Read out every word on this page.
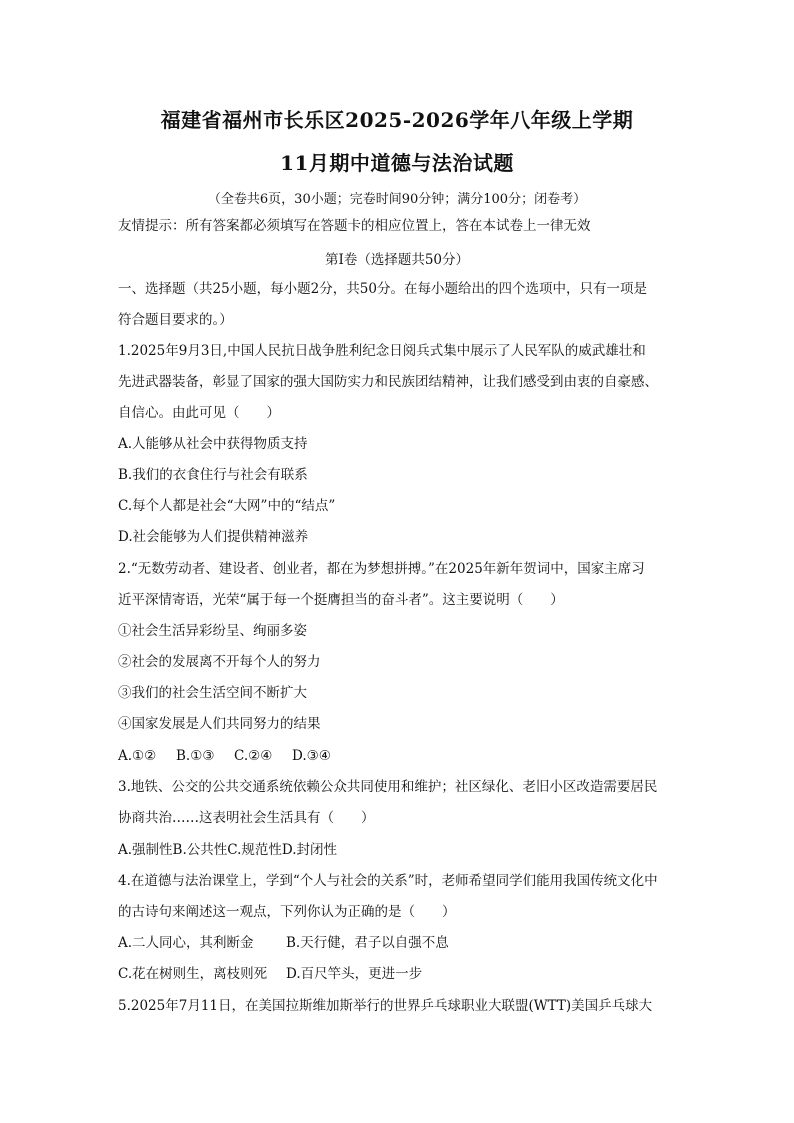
福建省福州市长乐区2025-2026学年八年级上学期
11月期中道德与法治试题
（全卷共6页，30小题；完卷时间90分钟；满分100分；闭卷考）
友情提示：所有答案都必须填写在答题卡的相应位置上，答在本试卷上一律无效
第Ⅰ卷（选择题共50分）
一、选择题（共25小题，每小题2分，共50分。在每小题给出的四个选项中，只有一项是
符合题目要求的。）
1.2025年9月3日,中国人民抗日战争胜利纪念日阅兵式集中展示了人民军队的威武雄壮和
先进武器装备，彰显了国家的强大国防实力和民族团结精神，让我们感受到由衷的自豪感、
自信心。由此可见（　　）
A.人能够从社会中获得物质支持
B.我们的衣食住行与社会有联系
C.每个人都是社会“大网”中的“结点”
D.社会能够为人们提供精神滋养
2.“无数劳动者、建设者、创业者，都在为梦想拼搏。”在2025年新年贺词中，国家主席习
近平深情寄语，光荣“属于每一个挺膺担当的奋斗者”。这主要说明（　　）
①社会生活异彩纷呈、绚丽多姿
②社会的发展离不开每个人的努力
③我们的社会生活空间不断扩大
④国家发展是人们共同努力的结果
A.①② B.①③ C.②④ D.③④
3.地铁、公交的公共交通系统依赖公众共同使用和维护；社区绿化、老旧小区改造需要居民
协商共治……这表明社会生活具有（　　）
A.强制性B.公共性C.规范性D.封闭性
4.在道德与法治课堂上，学到“个人与社会的关系”时，老师希望同学们能用我国传统文化中
的古诗句来阐述这一观点，下列你认为正确的是（　　）
A.二人同心，其利断金 B.天行健，君子以自强不息
C.花在树则生，离枝则死 D.百尺竿头，更进一步
5.2025年7月11日，在美国拉斯维加斯举行的世界乒乓球职业大联盟(WTT)美国乒乓球大
